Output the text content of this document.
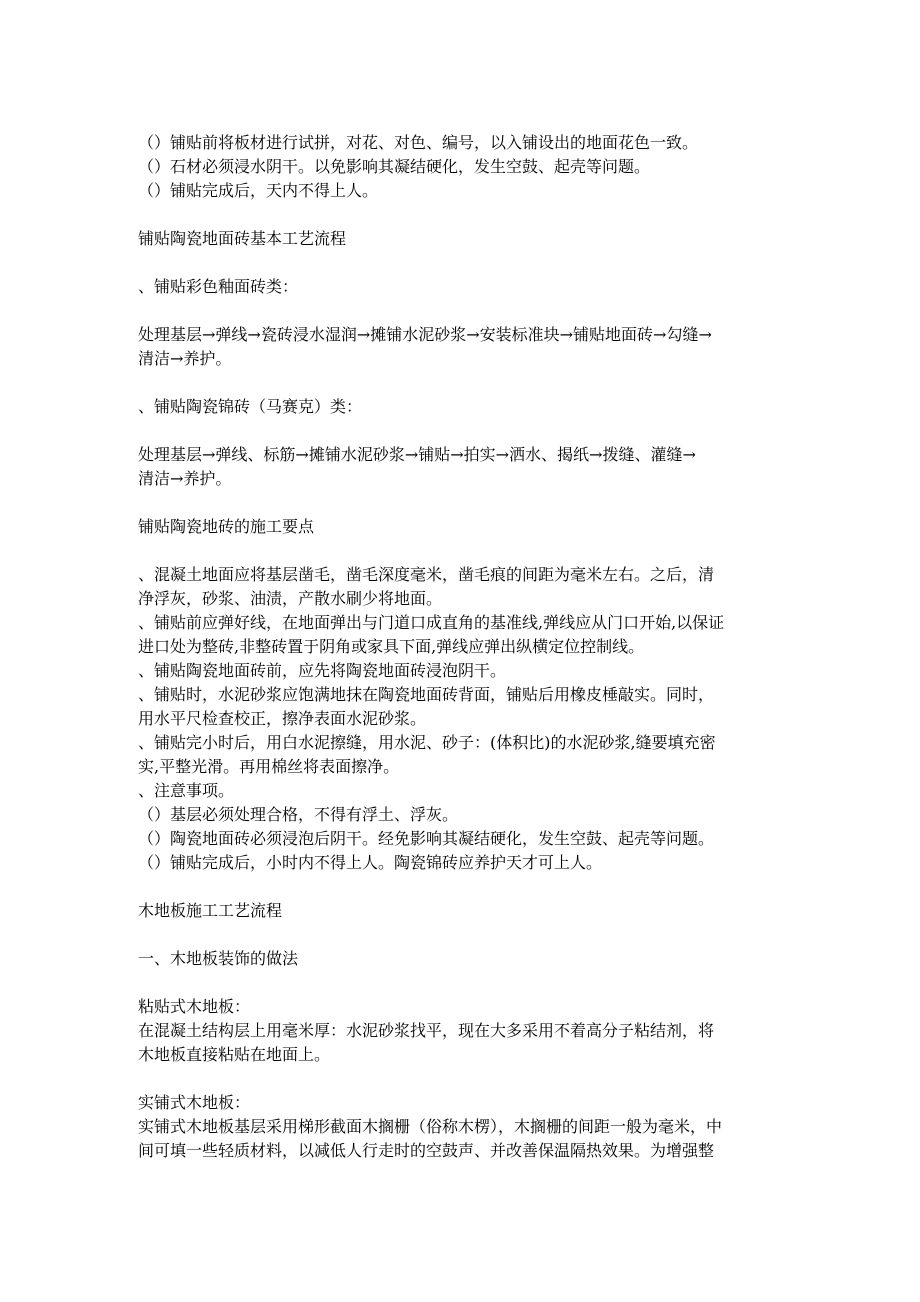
（）铺贴前将板材进行试拼，对花、对色、编号，以入铺设出的地面花色一致。
（）石材必须浸水阴干。以免影响其凝结硬化，发生空鼓、起壳等问题。
（）铺贴完成后，天内不得上人。
铺贴陶瓷地面砖基本工艺流程
、铺贴彩色釉面砖类：
处理基层→弹线→瓷砖浸水湿润→摊铺水泥砂浆→安装标准块→铺贴地面砖→勾缝→
清洁→养护。
、铺贴陶瓷锦砖（马赛克）类：
处理基层→弹线、标筋→摊铺水泥砂浆→铺贴→拍实→洒水、揭纸→拨缝、灌缝→
清洁→养护。
铺贴陶瓷地砖的施工要点
、混凝土地面应将基层凿毛，凿毛深度毫米，凿毛痕的间距为毫米左右。之后，清
净浮灰，砂浆、油渍，产散水刷少将地面。
、铺贴前应弹好线，在地面弹出与门道口成直角的基准线,弹线应从门口开始,以保证
进口处为整砖,非整砖置于阴角或家具下面,弹线应弹出纵横定位控制线。
、铺贴陶瓷地面砖前，应先将陶瓷地面砖浸泡阴干。
、铺贴时，水泥砂浆应饱满地抹在陶瓷地面砖背面，铺贴后用橡皮棰敲实。同时，
用水平尺检查校正，擦净表面水泥砂浆。
、铺贴完小时后，用白水泥擦缝，用水泥、砂子：(体积比)的水泥砂浆,缝要填充密
实,平整光滑。再用棉丝将表面擦净。
、注意事项。
（）基层必须处理合格，不得有浮土、浮灰。
（）陶瓷地面砖必须浸泡后阴干。经免影响其凝结硬化，发生空鼓、起壳等问题。
（）铺贴完成后，小时内不得上人。陶瓷锦砖应养护天才可上人。
木地板施工工艺流程
一、木地板装饰的做法
粘贴式木地板：
在混凝土结构层上用毫米厚：水泥砂浆找平，现在大多采用不着高分子粘结剂，将
木地板直接粘贴在地面上。
实铺式木地板：
实铺式木地板基层采用梯形截面木搁栅（俗称木楞），木搁栅的间距一般为毫米，中
间可填一些轻质材料，以减低人行走时的空鼓声、并改善保温隔热效果。为增强整
